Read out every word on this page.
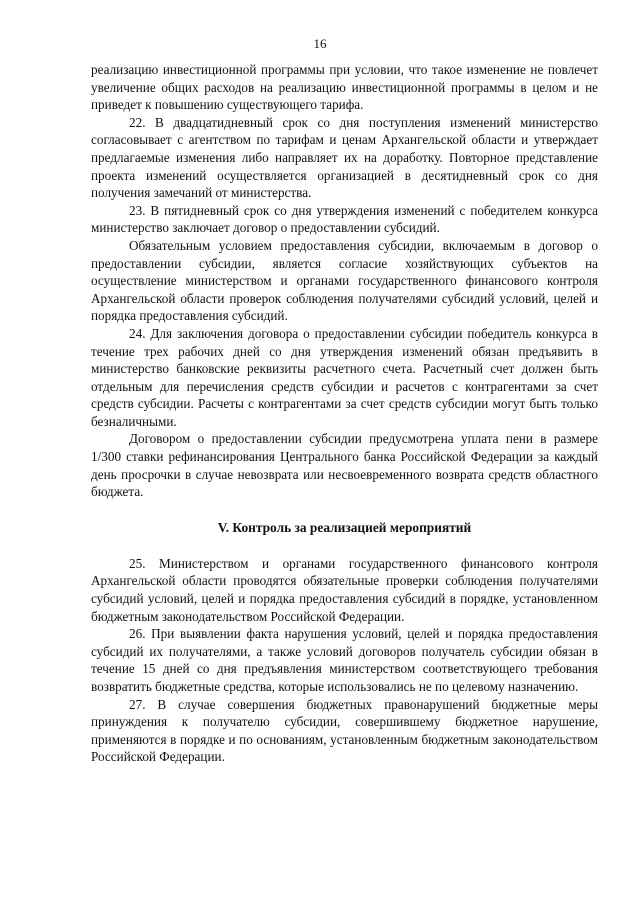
16

реализацию инвестиционной программы при условии, что такое изменение не повлечет увеличение общих расходов на реализацию инвестиционной программы в целом и не приведет к повышению существующего тарифа.

22. В двадцатидневный срок со дня поступления изменений министерство согласовывает с агентством по тарифам и ценам Архангельской области и утверждает предлагаемые изменения либо направляет их на доработку. Повторное представление проекта изменений осуществляется организацией в десятидневный срок со дня получения замечаний от министерства.

23. В пятидневный срок со дня утверждения изменений с победителем конкурса министерство заключает договор о предоставлении субсидий.

Обязательным условием предоставления субсидии, включаемым в договор о предоставлении субсидии, является согласие хозяйствующих субъектов на осуществление министерством и органами государственного финансового контроля Архангельской области проверок соблюдения получателями субсидий условий, целей и порядка предоставления субсидий.

24. Для заключения договора о предоставлении субсидии победитель конкурса в течение трех рабочих дней со дня утверждения изменений обязан предъявить в министерство банковские реквизиты расчетного счета. Расчетный счет должен быть отдельным для перечисления средств субсидии и расчетов с контрагентами за счет средств субсидии. Расчеты с контрагентами за счет средств субсидии могут быть только безналичными.

Договором о предоставлении субсидии предусмотрена уплата пени в размере 1/300 ставки рефинансирования Центрального банка Российской Федерации за каждый день просрочки в случае невозврата или несвоевременного возврата средств областного бюджета.

V. Контроль за реализацией мероприятий

25. Министерством и органами государственного финансового контроля Архангельской области проводятся обязательные проверки соблюдения получателями субсидий условий, целей и порядка предоставления субсидий в порядке, установленном бюджетным законодательством Российской Федерации.

26. При выявлении факта нарушения условий, целей и порядка предоставления субсидий их получателями, а также условий договоров получатель субсидии обязан в течение 15 дней со дня предъявления министерством соответствующего требования возвратить бюджетные средства, которые использовались не по целевому назначению.

27. В случае совершения бюджетных правонарушений бюджетные меры принуждения к получателю субсидии, совершившему бюджетное нарушение, применяются в порядке и по основаниям, установленным бюджетным законодательством Российской Федерации.
